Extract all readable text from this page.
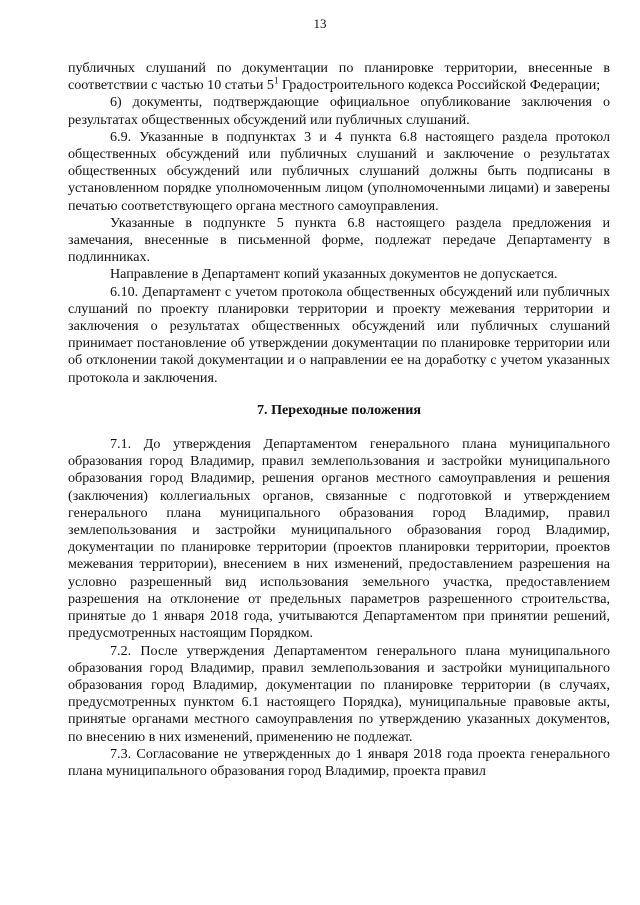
13

публичных слушаний по документации по планировке территории, внесенные в соответствии с частью 10 статьи $5^1$ Градостроительного кодекса Российской Федерации;

6) документы, подтверждающие официальное опубликование заключения о результатах общественных обсуждений или публичных слушаний.

6.9. Указанные в подпунктах 3 и 4 пункта 6.8 настоящего раздела протокол общественных обсуждений или публичных слушаний и заключение о результатах общественных обсуждений или публичных слушаний должны быть подписаны в установленном порядке уполномоченным лицом (уполномоченными лицами) и заверены печатью соответствующего органа местного самоуправления.

Указанные в подпункте 5 пункта 6.8 настоящего раздела предложения и замечания, внесенные в письменной форме, подлежат передаче Департаменту в подлинниках.

Направление в Департамент копий указанных документов не допускается.

6.10. Департамент с учетом протокола общественных обсуждений или публичных слушаний по проекту планировки территории и проекту межевания территории и заключения о результатах общественных обсуждений или публичных слушаний принимает постановление об утверждении документации по планировке территории или об отклонении такой документации и о направлении ее на доработку с учетом указанных протокола и заключения.

7. Переходные положения

7.1. До утверждения Департаментом генерального плана муниципального образования город Владимир, правил землепользования и застройки муниципального образования город Владимир, решения органов местного самоуправления и решения (заключения) коллегиальных органов, связанные с подготовкой и утверждением генерального плана муниципального образования город Владимир, правил землепользования и застройки муниципального образования город Владимир, документации по планировке территории (проектов планировки территории, проектов межевания территории), внесением в них изменений, предоставлением разрешения на условно разрешенный вид использования земельного участка, предоставлением разрешения на отклонение от предельных параметров разрешенного строительства, принятые до 1 января 2018 года, учитываются Департаментом при принятии решений, предусмотренных настоящим Порядком.

7.2. После утверждения Департаментом генерального плана муниципального образования город Владимир, правил землепользования и застройки муниципального образования город Владимир, документации по планировке территории (в случаях, предусмотренных пунктом 6.1 настоящего Порядка), муниципальные правовые акты, принятые органами местного самоуправления по утверждению указанных документов, по внесению в них изменений, применению не подлежат.

7.3. Согласование не утвержденных до 1 января 2018 года проекта генерального плана муниципального образования город Владимир, проекта правил
